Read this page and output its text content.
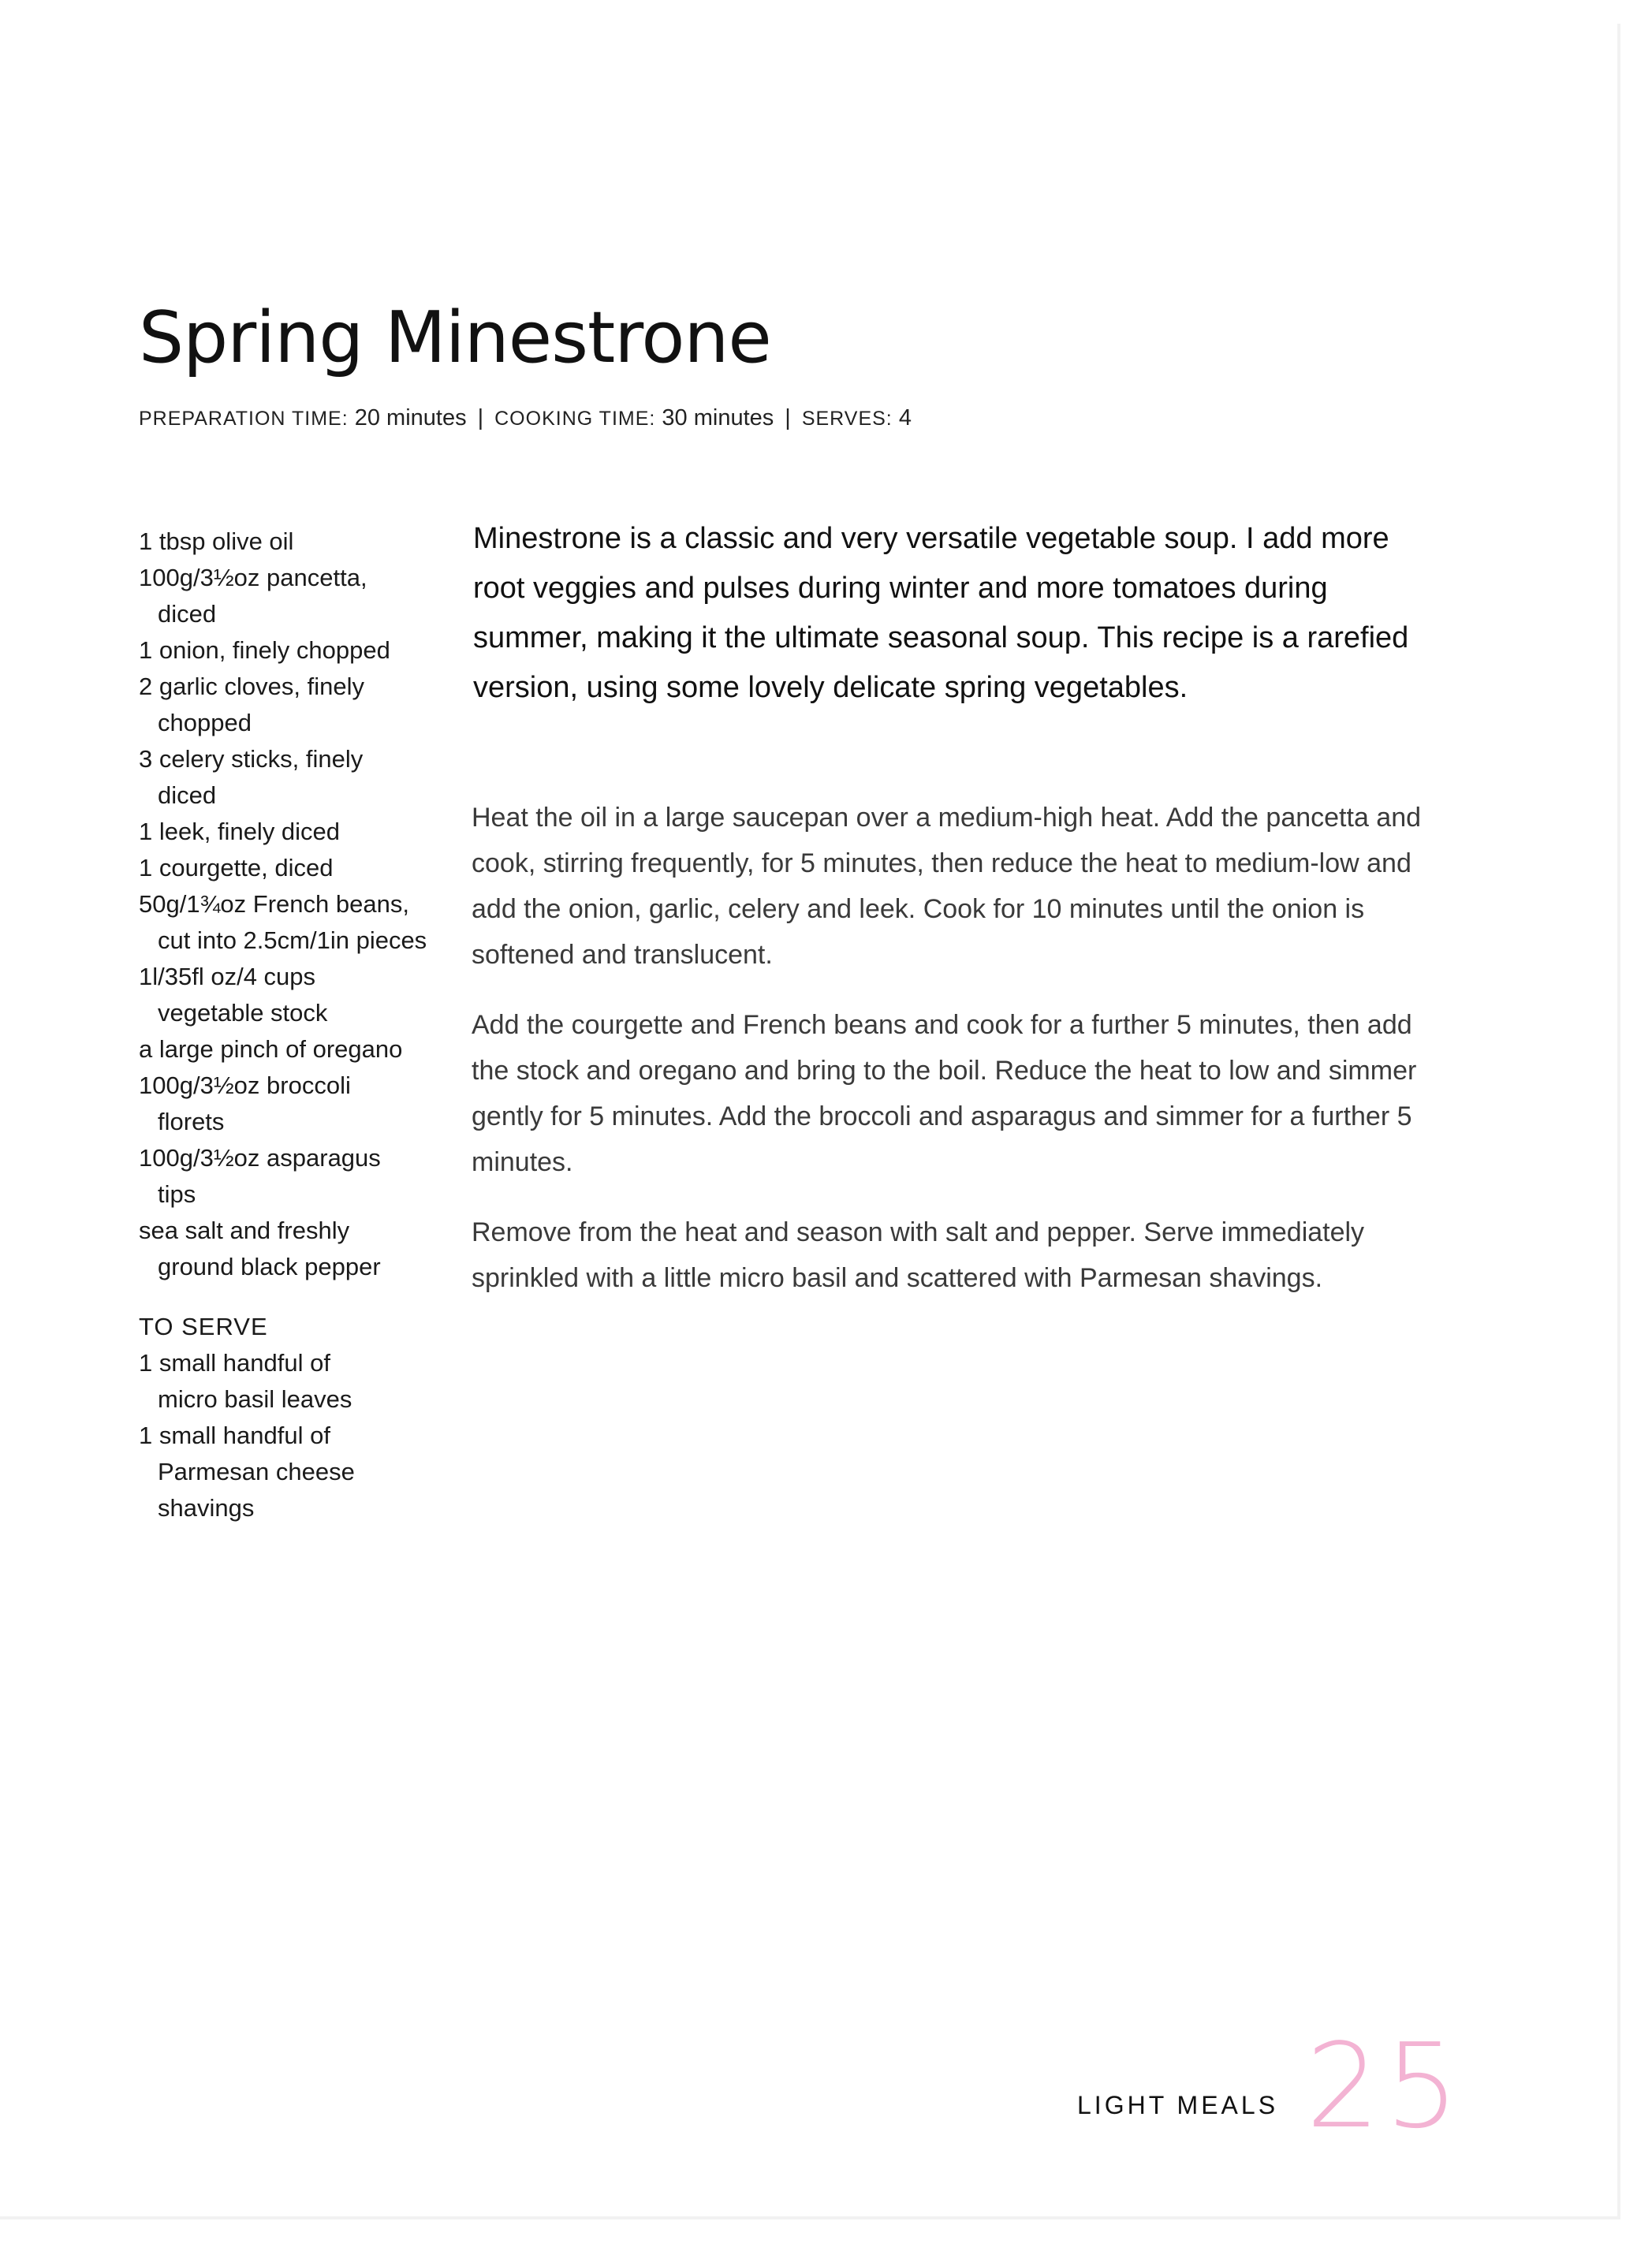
Spring Minestrone
PREPARATION TIME: 20 minutes | COOKING TIME: 30 minutes | SERVES: 4
1 tbsp olive oil
100g/3½oz pancetta, diced
1 onion, finely chopped
2 garlic cloves, finely chopped
3 celery sticks, finely diced
1 leek, finely diced
1 courgette, diced
50g/1¾oz French beans, cut into 2.5cm/1in pieces
1l/35fl oz/4 cups vegetable stock
a large pinch of oregano
100g/3½oz broccoli florets
100g/3½oz asparagus tips
sea salt and freshly ground black pepper
TO SERVE
1 small handful of micro basil leaves
1 small handful of Parmesan cheese shavings

Minestrone is a classic and very versatile vegetable soup. I add more root veggies and pulses during winter and more tomatoes during summer, making it the ultimate seasonal soup. This recipe is a rarefied version, using some lovely delicate spring vegetables.

Heat the oil in a large saucepan over a medium-high heat. Add the pancetta and cook, stirring frequently, for 5 minutes, then reduce the heat to medium-low and add the onion, garlic, celery and leek. Cook for 10 minutes until the onion is softened and translucent.

Add the courgette and French beans and cook for a further 5 minutes, then add the stock and oregano and bring to the boil. Reduce the heat to low and simmer gently for 5 minutes. Add the broccoli and asparagus and simmer for a further 5 minutes.

Remove from the heat and season with salt and pepper. Serve immediately sprinkled with a little micro basil and scattered with Parmesan shavings.

LIGHT MEALS 25
